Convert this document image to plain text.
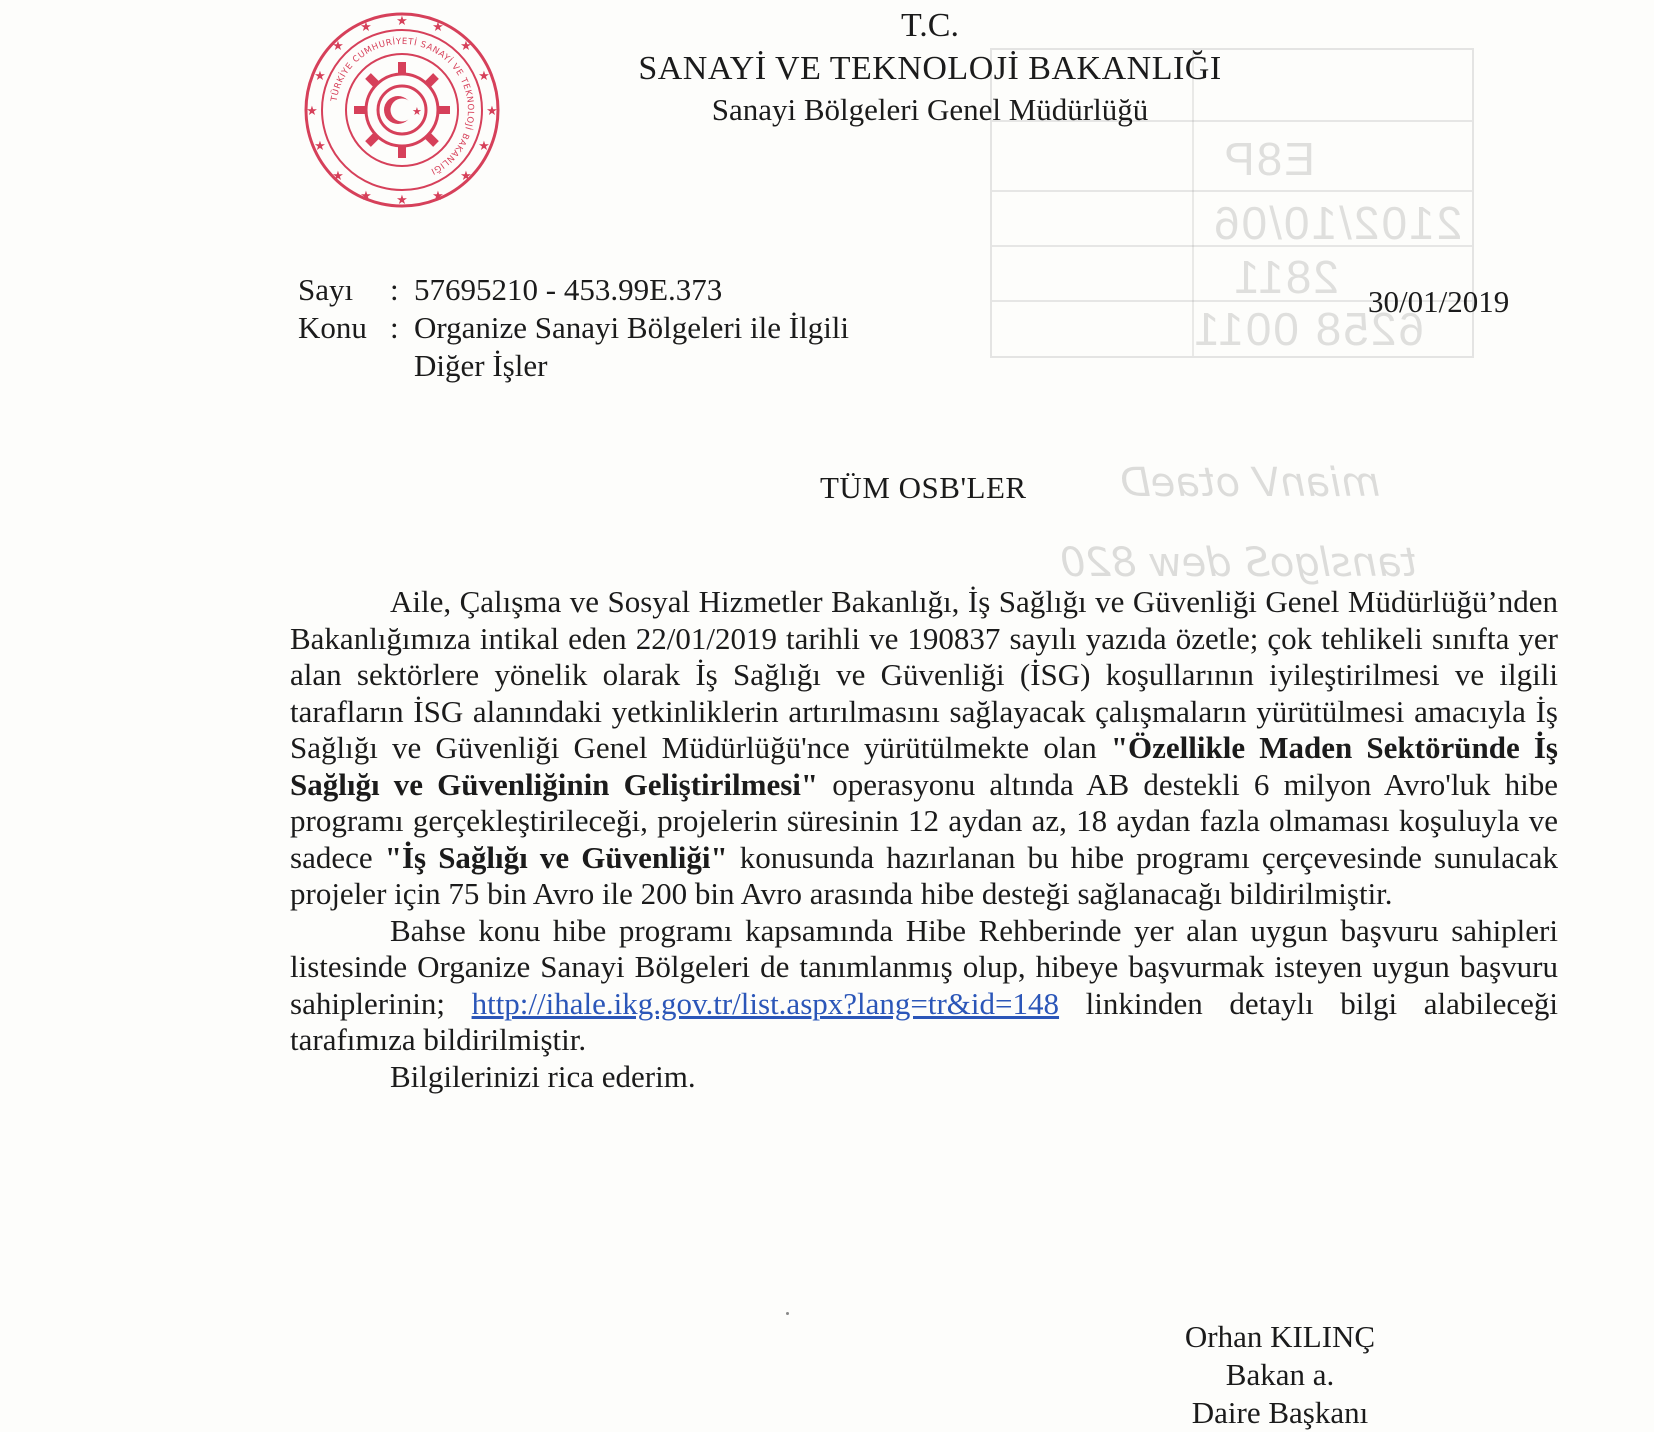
E8P
2102/10/06
2811
6258 0011
mianV otaeD
tanslgoS dew 820
★
★
★	★
★	★
★	★
★	★
★	★
★	★
★	★
TÜRKİYE CUMHURİYETİ SANAYİ VE TEKNOLOJİ BAKANLIĞI
★
T.C.
SANAYİ VE TEKNOLOJİ BAKANLIĞI
Sanayi Bölgeleri Genel Müdürlüğü
Sayı : 57695210 - 453.99E.373
Konu : Organize Sanayi Bölgeleri ile İlgili
Diğer İşler
30/01/2019
TÜM OSB'LER

Aile, Çalışma ve Sosyal Hizmetler Bakanlığı, İş Sağlığı ve Güvenliği Genel Müdürlüğü’nden Bakanlığımıza intikal eden 22/01/2019 tarihli ve 190837 sayılı yazıda özetle; çok tehlikeli sınıfta yer alan sektörlere yönelik olarak İş Sağlığı ve Güvenliği (İSG) koşullarının iyileştirilmesi ve ilgili tarafların İSG alanındaki yetkinliklerin artırılmasını sağlayacak çalışmaların yürütülmesi amacıyla İş Sağlığı ve Güvenliği Genel Müdürlüğü'nce yürütülmekte olan "Özellikle Maden Sektöründe İş Sağlığı ve Güvenliğinin Geliştirilmesi" operasyonu altında AB destekli 6 milyon Avro'luk hibe programı gerçekleştirileceği, projelerin süresinin 12 aydan az, 18 aydan fazla olmaması koşuluyla ve sadece "İş Sağlığı ve Güvenliği" konusunda hazırlanan bu hibe programı çerçevesinde sunulacak projeler için 75 bin Avro ile 200 bin Avro arasında hibe desteği sağlanacağı bildirilmiştir.

Bahse konu hibe programı kapsamında Hibe Rehberinde yer alan uygun başvuru sahipleri listesinde Organize Sanayi Bölgeleri de tanımlanmış olup, hibeye başvurmak isteyen uygun başvuru sahiplerinin; http://ihale.ikg.gov.tr/list.aspx?lang=tr&id=148 linkinden detaylı bilgi alabileceği tarafımıza bildirilmiştir.

Bilgilerinizi rica ederim.

Orhan KILINÇ
Bakan a.
Daire Başkanı
